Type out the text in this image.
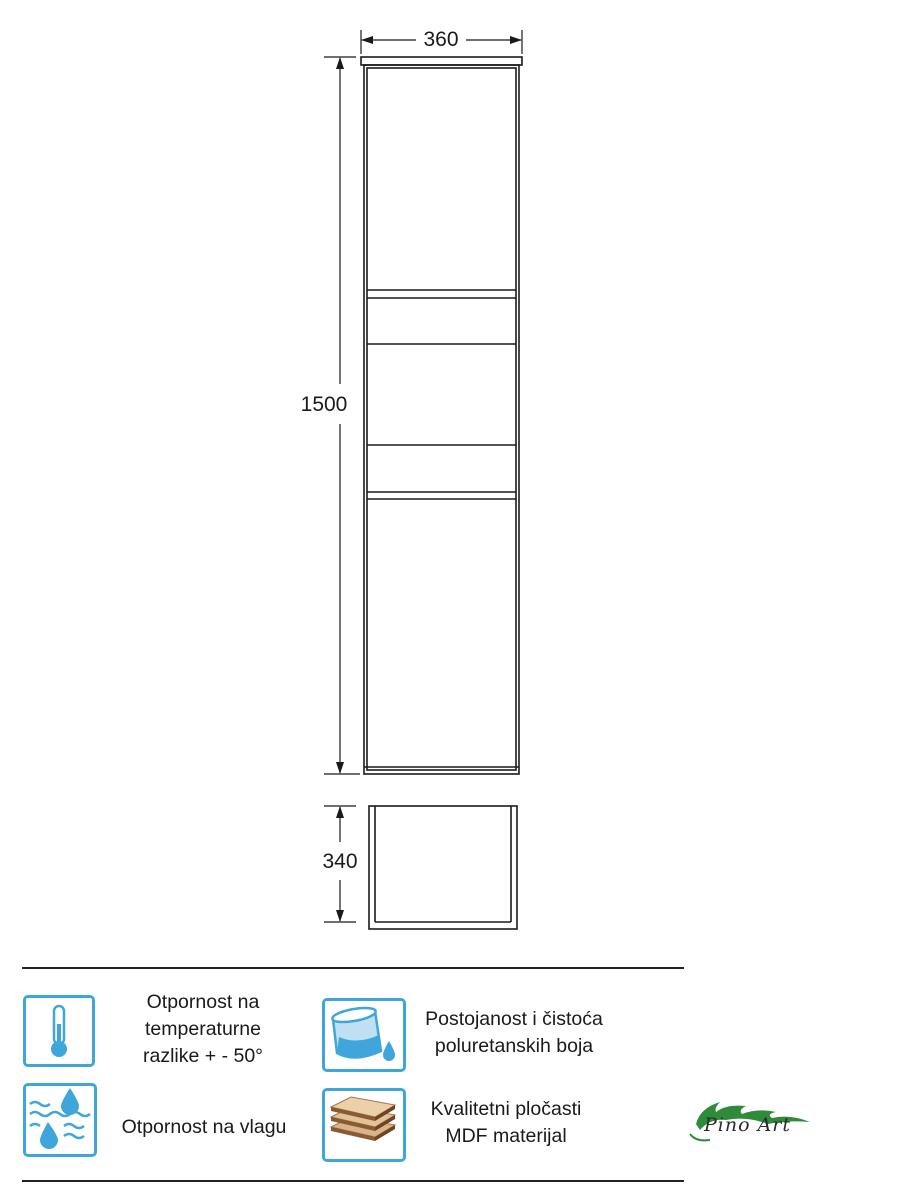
360
1500
340
Otpornost na
temperaturne
razlike + - 50°
Postojanost i čistoća
poluretanskih boja
Otpornost na vlagu
Kvalitetni pločasti
MDF materijal	Pino Art
